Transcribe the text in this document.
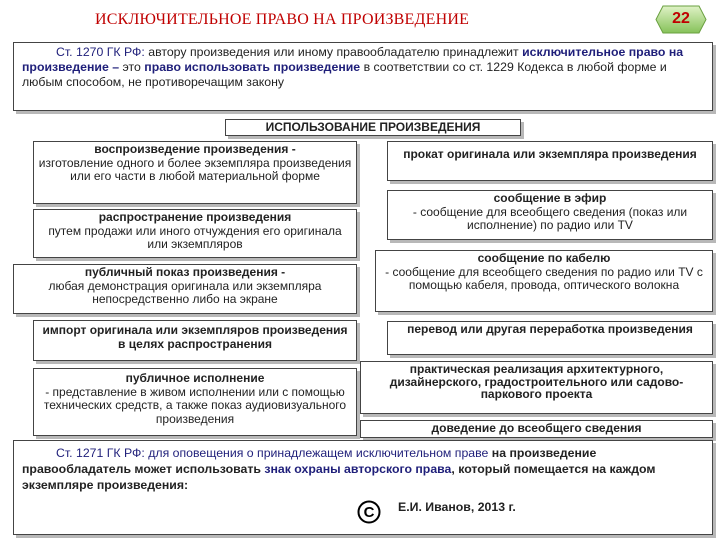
ИСКЛЮЧИТЕЛЬНОЕ ПРАВО НА ПРОИЗВЕДЕНИЕ	22
Ст. 1270 ГК РФ: автору произведения или иному правообладателю принадлежит исключительное право на произведение – это право использовать произведение в соответствии со ст. 1229 Кодекса в любой форме и любым способом, не противоречащим закону
ИСПОЛЬЗОВАНИЕ ПРОИЗВЕДЕНИЯ
воспроизведение произведения -
изготовление одного и более экземпляра произведения или его части в любой материальной форме
распространение произведения
путем продажи или иного отчуждения его оригинала или экземпляров
публичный показ произведения -
любая демонстрация оригинала или экземпляра непосредственно либо на экране
импорт оригинала или экземпляров произведения в целях распространения
публичное исполнение
- представление в живом исполнении или с помощью технических средств, а также показ аудиовизуального произведения
прокат оригинала или экземпляра произведения
сообщение в эфир
- сообщение для всеобщего сведения (показ или исполнение) по радио или TV
сообщение по кабелю
- сообщение для всеобщего сведения по радио или TV с помощью кабеля, провода, оптического волокна
перевод или другая переработка произведения
практическая реализация архитектурного, дизайнерского, градостроительного или садово-паркового проекта
доведение до всеобщего сведения
Ст. 1271 ГК РФ: для оповещения о принадлежащем исключительном праве на произведение правообладатель может использовать знак охраны авторского права, который помещается на каждом экземпляре произведения:
C Е.И. Иванов, 2013 г.
